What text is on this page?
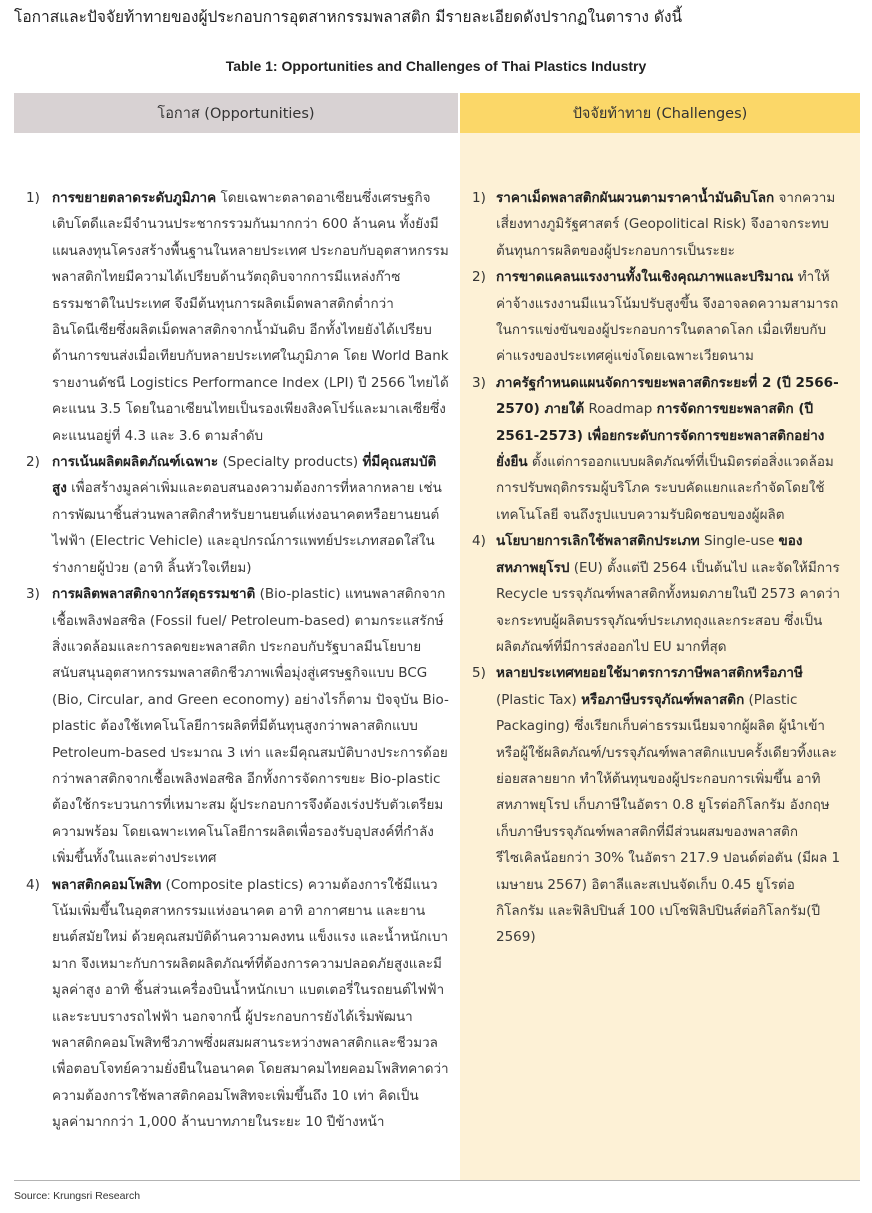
โอกาสและปัจจัยท้าทายของผู้ประกอบการอุตสาหกรรมพลาสติก มีรายละเอียดดังปรากฏในตาราง ดังนี้
Table 1: Opportunities and Challenges of Thai Plastics Industry
โอกาส (Opportunities)
1) การขยายตลาดระดับภูมิภาค โดยเฉพาะตลาดอาเซียนซึ่งเศรษฐกิจเติบโตดีและมีจำนวนประชากรรวมกันมากกว่า 600 ล้านคน ทั้งยังมีแผนลงทุนโครงสร้างพื้นฐานในหลายประเทศ ประกอบกับอุตสาหกรรมพลาสติกไทยมีความได้เปรียบด้านวัตถุดิบจากการมีแหล่งก๊าซธรรมชาติในประเทศ จึงมีต้นทุนการผลิตเม็ดพลาสติกต่ำกว่าอินโดนีเซียซึ่งผลิตเม็ดพลาสติกจากน้ำมันดิบ อีกทั้งไทยยังได้เปรียบด้านการขนส่งเมื่อเทียบกับหลายประเทศในภูมิภาค โดย World Bank รายงานดัชนี Logistics Performance Index (LPI) ปี 2566 ไทยได้คะแนน 3.5 โดยในอาเซียนไทยเป็นรองเพียงสิงคโปร์และมาเลเซียซึ่งคะแนนอยู่ที่ 4.3 และ 3.6 ตามลำดับ
2) การเน้นผลิตผลิตภัณฑ์เฉพาะ (Specialty products) ที่มีคุณสมบัติสูง เพื่อสร้างมูลค่าเพิ่มและตอบสนองความต้องการที่หลากหลาย เช่น การพัฒนาชิ้นส่วนพลาสติกสำหรับยานยนต์แห่งอนาคตหรือยานยนต์ไฟฟ้า (Electric Vehicle) และอุปกรณ์การแพทย์ประเภทสอดใส่ในร่างกายผู้ป่วย (อาทิ ลิ้นหัวใจเทียม)
3) การผลิตพลาสติกจากวัสดุธรรมชาติ (Bio-plastic) แทนพลาสติกจากเชื้อเพลิงฟอสซิล (Fossil fuel/ Petroleum-based) ตามกระแสรักษ์สิ่งแวดล้อมและการลดขยะพลาสติก ประกอบกับรัฐบาลมีนโยบายสนับสนุนอุตสาหกรรมพลาสติกชีวภาพเพื่อมุ่งสู่เศรษฐกิจแบบ BCG (Bio, Circular, and Green economy) อย่างไรก็ตาม ปัจจุบัน Bio-plastic ต้องใช้เทคโนโลยีการผลิตที่มีต้นทุนสูงกว่าพลาสติกแบบ Petroleum-based ประมาณ 3 เท่า และมีคุณสมบัติบางประการด้อยกว่าพลาสติกจากเชื้อเพลิงฟอสซิล อีกทั้งการจัดการขยะ Bio-plastic ต้องใช้กระบวนการที่เหมาะสม ผู้ประกอบการจึงต้องเร่งปรับตัวเตรียมความพร้อม โดยเฉพาะเทคโนโลยีการผลิตเพื่อรองรับอุปสงค์ที่กำลังเพิ่มขึ้นทั้งในและต่างประเทศ
4) พลาสติกคอมโพสิท (Composite plastics) ความต้องการใช้มีแนวโน้มเพิ่มขึ้นในอุตสาหกรรมแห่งอนาคต อาทิ อากาศยาน และยานยนต์สมัยใหม่ ด้วยคุณสมบัติด้านความคงทน แข็งแรง และน้ำหนักเบามาก จึงเหมาะกับการผลิตผลิตภัณฑ์ที่ต้องการความปลอดภัยสูงและมีมูลค่าสูง อาทิ ชิ้นส่วนเครื่องบินน้ำหนักเบา แบตเตอรี่ในรถยนต์ไฟฟ้า และระบบรางรถไฟฟ้า นอกจากนี้ ผู้ประกอบการยังได้เริ่มพัฒนาพลาสติกคอมโพสิทชีวภาพซึ่งผสมผสานระหว่างพลาสติกและชีวมวลเพื่อตอบโจทย์ความยั่งยืนในอนาคต โดยสมาคมไทยคอมโพสิทคาดว่าความต้องการใช้พลาสติกคอมโพสิทจะเพิ่มขึ้นถึง 10 เท่า คิดเป็นมูลค่ามากกว่า 1,000 ล้านบาทภายในระยะ 10 ปีข้างหน้า
ปัจจัยท้าทาย (Challenges)
1) ราคาเม็ดพลาสติกผันผวนตามราคาน้ำมันดิบโลก จากความเสี่ยงทางภูมิรัฐศาสตร์ (Geopolitical Risk) จึงอาจกระทบต้นทุนการผลิตของผู้ประกอบการเป็นระยะ
2) การขาดแคลนแรงงานทั้งในเชิงคุณภาพและปริมาณ ทำให้ค่าจ้างแรงงานมีแนวโน้มปรับสูงขึ้น จึงอาจลดความสามารถในการแข่งขันของผู้ประกอบการในตลาดโลก เมื่อเทียบกับค่าแรงของประเทศคู่แข่งโดยเฉพาะเวียดนาม
3) ภาครัฐกำหนดแผนจัดการขยะพลาสติกระยะที่ 2 (ปี 2566-2570) ภายใต้ Roadmap การจัดการขยะพลาสติก (ปี 2561-2573) เพื่อยกระดับการจัดการขยะพลาสติกอย่างยั่งยืน ตั้งแต่การออกแบบผลิตภัณฑ์ที่เป็นมิตรต่อสิ่งแวดล้อม การปรับพฤติกรรมผู้บริโภค ระบบคัดแยกและกำจัดโดยใช้เทคโนโลยี จนถึงรูปแบบความรับผิดชอบของผู้ผลิต
4) นโยบายการเลิกใช้พลาสติกประเภท Single-use ของสหภาพยุโรป (EU) ตั้งแต่ปี 2564 เป็นต้นไป และจัดให้มีการ Recycle บรรจุภัณฑ์พลาสติกทั้งหมดภายในปี 2573 คาดว่าจะกระทบผู้ผลิตบรรจุภัณฑ์ประเภทถุงและกระสอบ ซึ่งเป็นผลิตภัณฑ์ที่มีการส่งออกไป EU มากที่สุด
5) หลายประเทศทยอยใช้มาตรการภาษีพลาสติกหรือภาษี (Plastic Tax) หรือภาษีบรรจุภัณฑ์พลาสติก (Plastic Packaging) ซึ่งเรียกเก็บค่าธรรมเนียมจากผู้ผลิต ผู้นำเข้า หรือผู้ใช้ผลิตภัณฑ์/บรรจุภัณฑ์พลาสติกแบบครั้งเดียวทิ้งและย่อยสลายยาก ทำให้ต้นทุนของผู้ประกอบการเพิ่มขึ้น อาทิ สหภาพยุโรป เก็บภาษีในอัตรา 0.8 ยูโรต่อกิโลกรัม อังกฤษ เก็บภาษีบรรจุภัณฑ์พลาสติกที่มีส่วนผสมของพลาสติกรีไซเคิลน้อยกว่า 30% ในอัตรา 217.9 ปอนด์ต่อตัน (มีผล 1 เมษายน 2567) อิตาลีและสเปนจัดเก็บ 0.45 ยูโรต่อกิโลกรัม และฟิลิปปินส์ 100 เปโซฟิลิปปินส์ต่อกิโลกรัม(ปี 2569)
Source: Krungsri Research
